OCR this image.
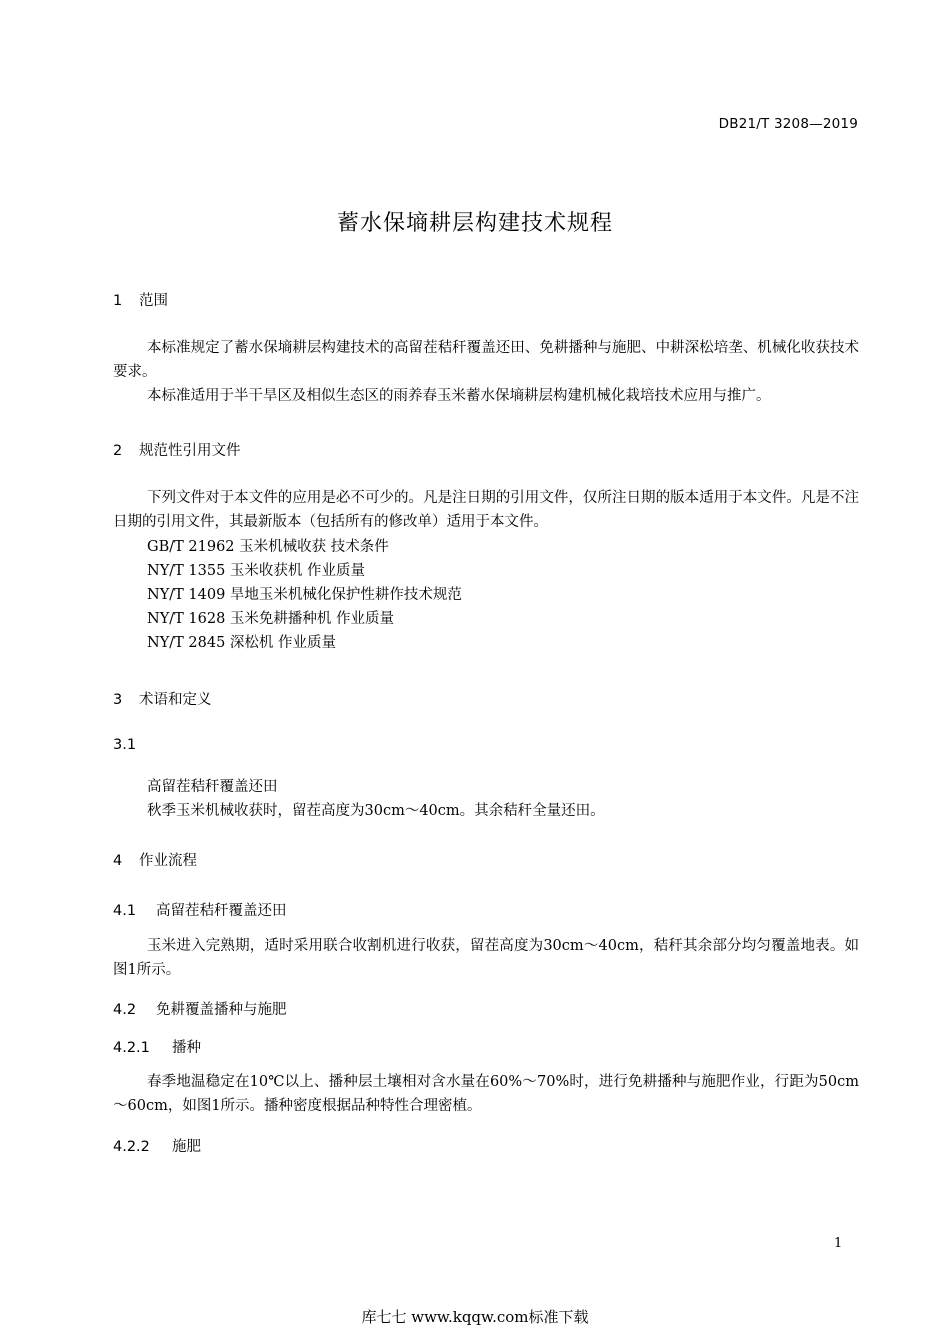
DB21/T 3208—2019
蓄水保墒耕层构建技术规程
1 范围

本标准规定了蓄水保墒耕层构建技术的高留茬秸秆覆盖还田、免耕播种与施肥、中耕深松培垄、机械化收获技术要求。

本标准适用于半干旱区及相似生态区的雨养春玉米蓄水保墒耕层构建机械化栽培技术应用与推广。

2 规范性引用文件

下列文件对于本文件的应用是必不可少的。凡是注日期的引用文件，仅所注日期的版本适用于本文件。凡是不注日期的引用文件，其最新版本（包括所有的修改单）适用于本文件。

GB/T 21962 玉米机械收获 技术条件
NY/T 1355 玉米收获机 作业质量
NY/T 1409 旱地玉米机械化保护性耕作技术规范
NY/T 1628 玉米免耕播种机 作业质量
NY/T 2845 深松机 作业质量
3 术语和定义
3.1
高留茬秸秆覆盖还田
秋季玉米机械收获时，留茬高度为30cm～40cm。其余秸秆全量还田。
4 作业流程
4.1 高留茬秸秆覆盖还田

玉米进入完熟期，适时采用联合收割机进行收获，留茬高度为30cm～40cm，秸秆其余部分均匀覆盖地表。如图1所示。

4.2 免耕覆盖播种与施肥
4.2.1 播种

春季地温稳定在10℃以上、播种层土壤相对含水量在60%～70%时，进行免耕播种与施肥作业，行距为50cm～60cm，如图1所示。播种密度根据品种特性合理密植。

4.2.2 施肥
1
库七七 www.kqqw.com标准下载
